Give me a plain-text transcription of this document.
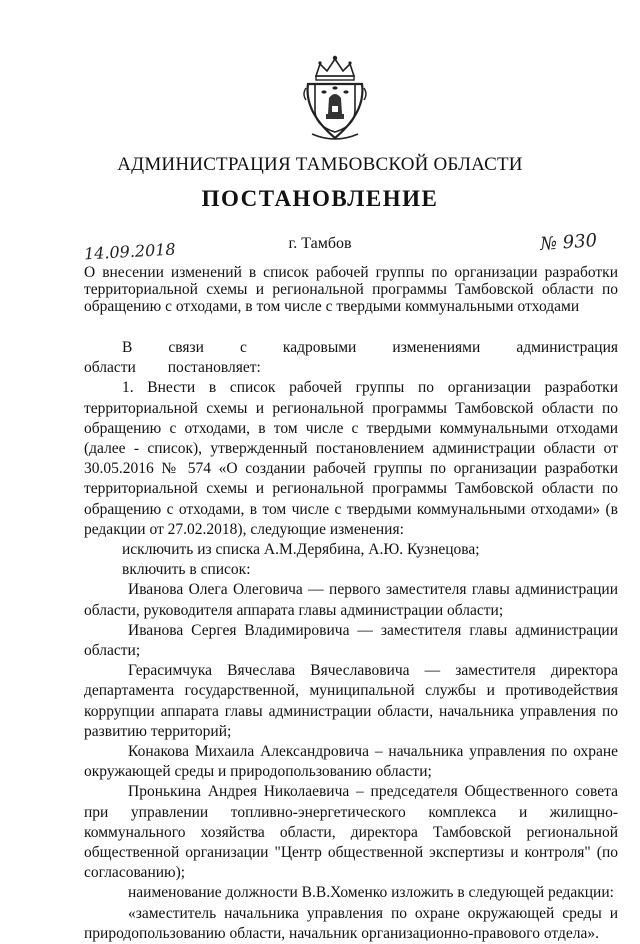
АДМИНИСТРАЦИЯ ТАМБОВСКОЙ ОБЛАСТИ
ПОСТАНОВЛЕНИЕ
14.09.2018	г. Тамбов	№ 930
О внесении изменений в список рабочей группы по организации разработки территориальной схемы и региональной программы Тамбовской области по обращению с отходами, в том числе с твердыми коммунальными отходами

В связи с кадровыми изменениями администрация области постановляет:

1. Внести в список рабочей группы по организации разработки территориальной схемы и региональной программы Тамбовской области по обращению с отходами, в том числе с твердыми коммунальными отходами (далее - список), утвержденный постановлением администрации области от 30.05.2016 № 574 «О создании рабочей группы по организации разработки территориальной схемы и региональной программы Тамбовской области по обращению с отходами, в том числе с твердыми коммунальными отходами» (в редакции от 27.02.2018), следующие изменения:

исключить из списка А.М.Дерябина, А.Ю. Кузнецова;

включить в список:

Иванова Олега Олеговича — первого заместителя главы администрации области, руководителя аппарата главы администрации области;

Иванова Сергея Владимировича — заместителя главы администрации области;

Герасимчука Вячеслава Вячеславовича — заместителя директора департамента государственной, муниципальной службы и противодействия коррупции аппарата главы администрации области, начальника управления по развитию территорий;

Конакова Михаила Александровича – начальника управления по охране окружающей среды и природопользованию области;

Пронькина Андрея Николаевича – председателя Общественного совета при управлении топливно-энергетического комплекса и жилищно-коммунального хозяйства области, директора Тамбовской региональной общественной организации "Центр общественной экспертизы и контроля" (по согласованию);

наименование должности В.В.Хоменко изложить в следующей редакции:

«заместитель начальника управления по охране окружающей среды и природопользованию области, начальник организационно-правового отдела».
